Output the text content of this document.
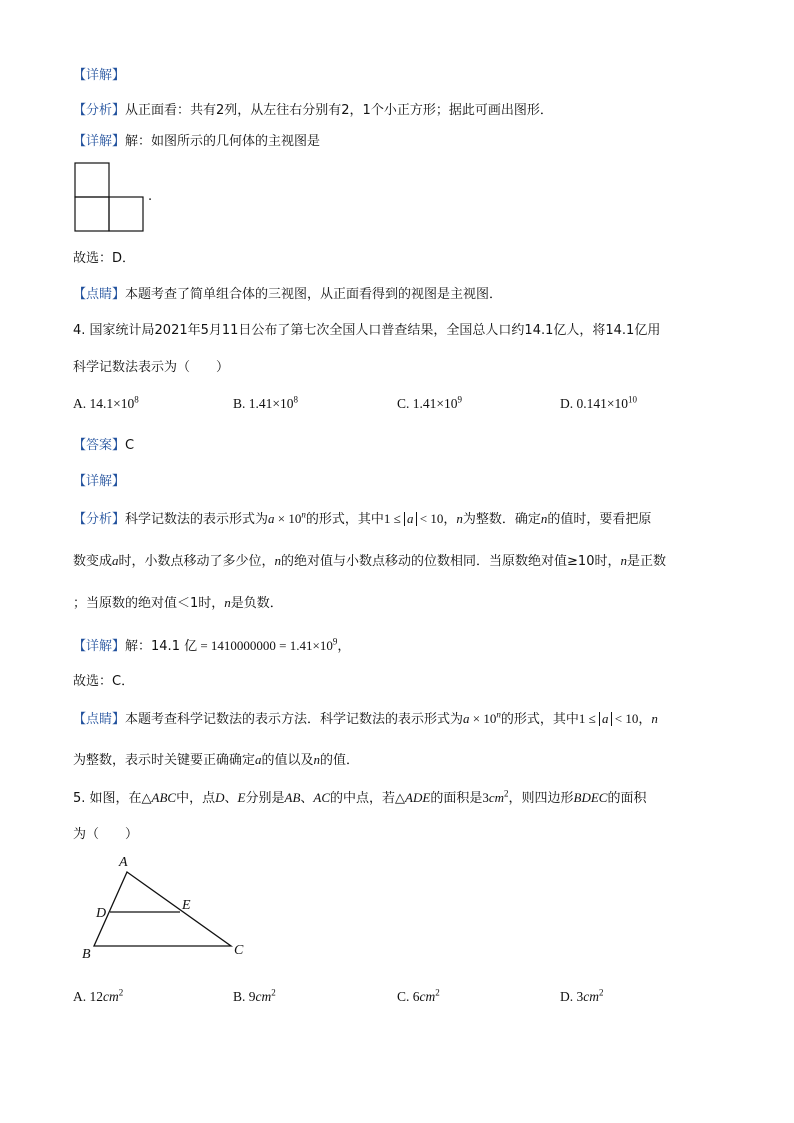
【详解】
【分析】从正面看：共有2列，从左往右分别有2，1个小正方形；据此可画出图形．
【详解】解：如图所示的几何体的主视图是
.
故选：D．
【点睛】本题考查了简单组合体的三视图，从正面看得到的视图是主视图．
4. 国家统计局2021年5月11日公布了第七次全国人口普查结果，全国总人口约14.1亿人，将14.1亿用
科学记数法表示为（　　）
A. $14.1\times 10^8$	B. $1.41\times 10^8$	C. $1.41\times 10^9$	D. $0.141\times 10^{10}$
【答案】C
【详解】
【分析】科学记数法的表示形式为$a \times 10^n$的形式，其中1 ≤ a < 10，n为整数．确定n的值时，要看把原
数变成a时，小数点移动了多少位，n的绝对值与小数点移动的位数相同．当原数绝对值≥10时，n是正数
；当原数的绝对值＜1时，n是负数．
【详解】解：14.1 亿 = $1410000000 = 1.41\times 10^9$，
故选：C．
【点睛】本题考查科学记数法的表示方法．科学记数法的表示形式为$a \times 10^n$的形式，其中1 ≤ a < 10，n
为整数，表示时关键要正确确定a的值以及n的值．
5. 如图，在△ABC中，点D、E分别是AB、AC的中点，若△ADE的面积是$3cm^2$，则四边形BDEC的面积
为（　　）
A
D
E
B	C
A. $12cm^2$	B. $9cm^2$	C. $6cm^2$	D. $3cm^2$
